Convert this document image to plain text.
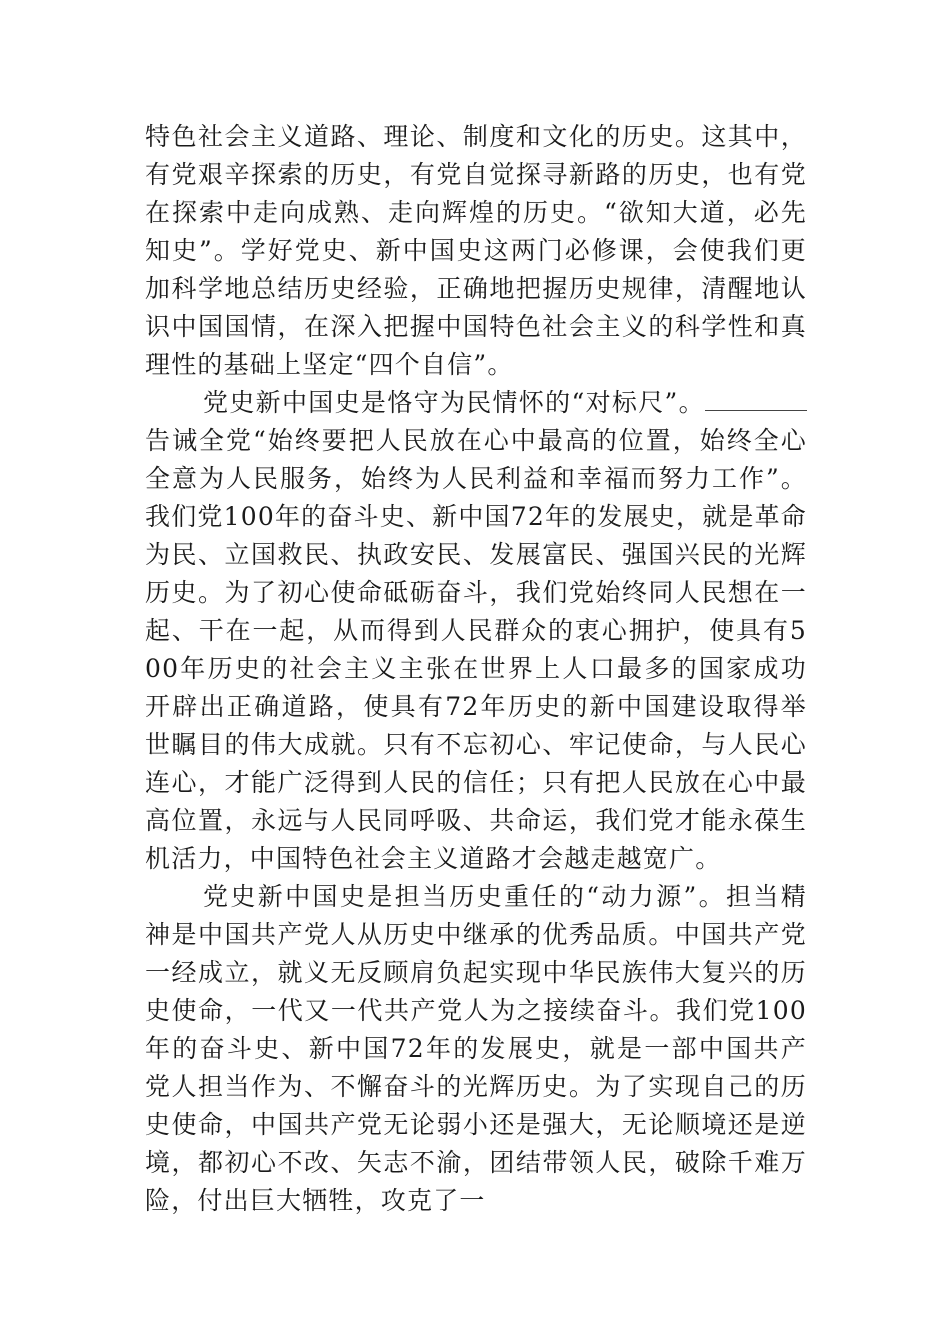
特色社会主义道路、理论、制度和文化的历史。这其中，有党艰辛探索的历史，有党自觉探寻新路的历史，也有党在探索中走向成熟、走向辉煌的历史。“欲知大道，必先知史”。学好党史、新中国史这两门必修课，会使我们更加科学地总结历史经验，正确地把握历史规律，清醒地认识中国国情，在深入把握中国特色社会主义的科学性和真理性的基础上坚定“四个自信”。

党史新中国史是恪守为民情怀的“对标尺”。告诫全党“始终要把人民放在心中最高的位置，始终全心全意为人民服务，始终为人民利益和幸福而努力工作”。我们党100年的奋斗史、新中国72年的发展史，就是革命为民、立国救民、执政安民、发展富民、强国兴民的光辉历史。为了初心使命砥砺奋斗，我们党始终同人民想在一起、干在一起，从而得到人民群众的衷心拥护，使具有500年历史的社会主义主张在世界上人口最多的国家成功开辟出正确道路，使具有72年历史的新中国建设取得举世瞩目的伟大成就。只有不忘初心、牢记使命，与人民心连心，才能广泛得到人民的信任；只有把人民放在心中最高位置，永远与人民同呼吸、共命运，我们党才能永葆生机活力，中国特色社会主义道路才会越走越宽广。

党史新中国史是担当历史重任的“动力源”。担当精神是中国共产党人从历史中继承的优秀品质。中国共产党一经成立，就义无反顾肩负起实现中华民族伟大复兴的历史使命，一代又一代共产党人为之接续奋斗。我们党100年的奋斗史、新中国72年的发展史，就是一部中国共产党人担当作为、不懈奋斗的光辉历史。为了实现自己的历史使命，中国共产党无论弱小还是强大，无论顺境还是逆境，都初心不改、矢志不渝，团结带领人民，破除千难万险，付出巨大牺牲，攻克了一
